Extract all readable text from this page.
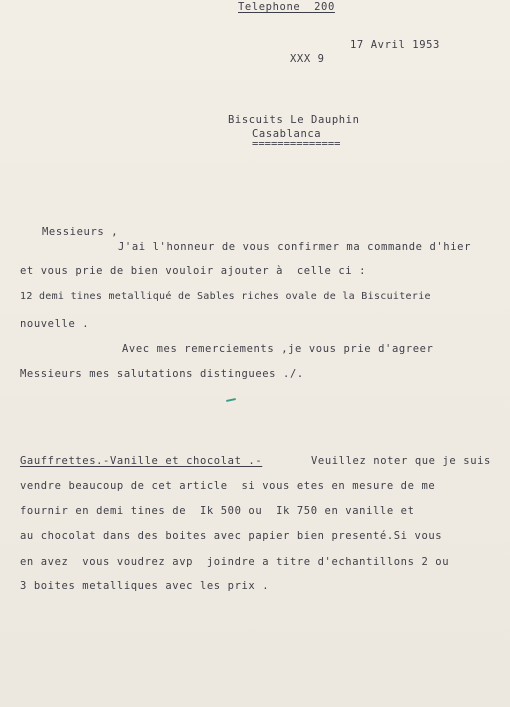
Telephone  200
17 Avril 1953
XXX 9
Biscuits Le Dauphin
Casablanca
==============
Messieurs ,
J'ai l'honneur de vous confirmer ma commande d'hier
et vous prie de bien vouloir ajouter à  celle ci :
12 demi tines metalliqué de Sables riches ovale de la Biscuiterie
nouvelle .
Avec mes remerciements ,je vous prie d'agreer
Messieurs mes salutations distinguees ./.
Gauffrettes.-Vanille et chocolat .-	Veuillez noter que je suis
vendre beaucoup de cet article  si vous etes en mesure de me
fournir en demi tines de  Ik 500 ou  Ik 750 en vanille et
au chocolat dans des boites avec papier bien presenté.Si vous
en avez  vous voudrez avp  joindre a titre d'echantillons 2 ou
3 boites metalliques avec les prix .
